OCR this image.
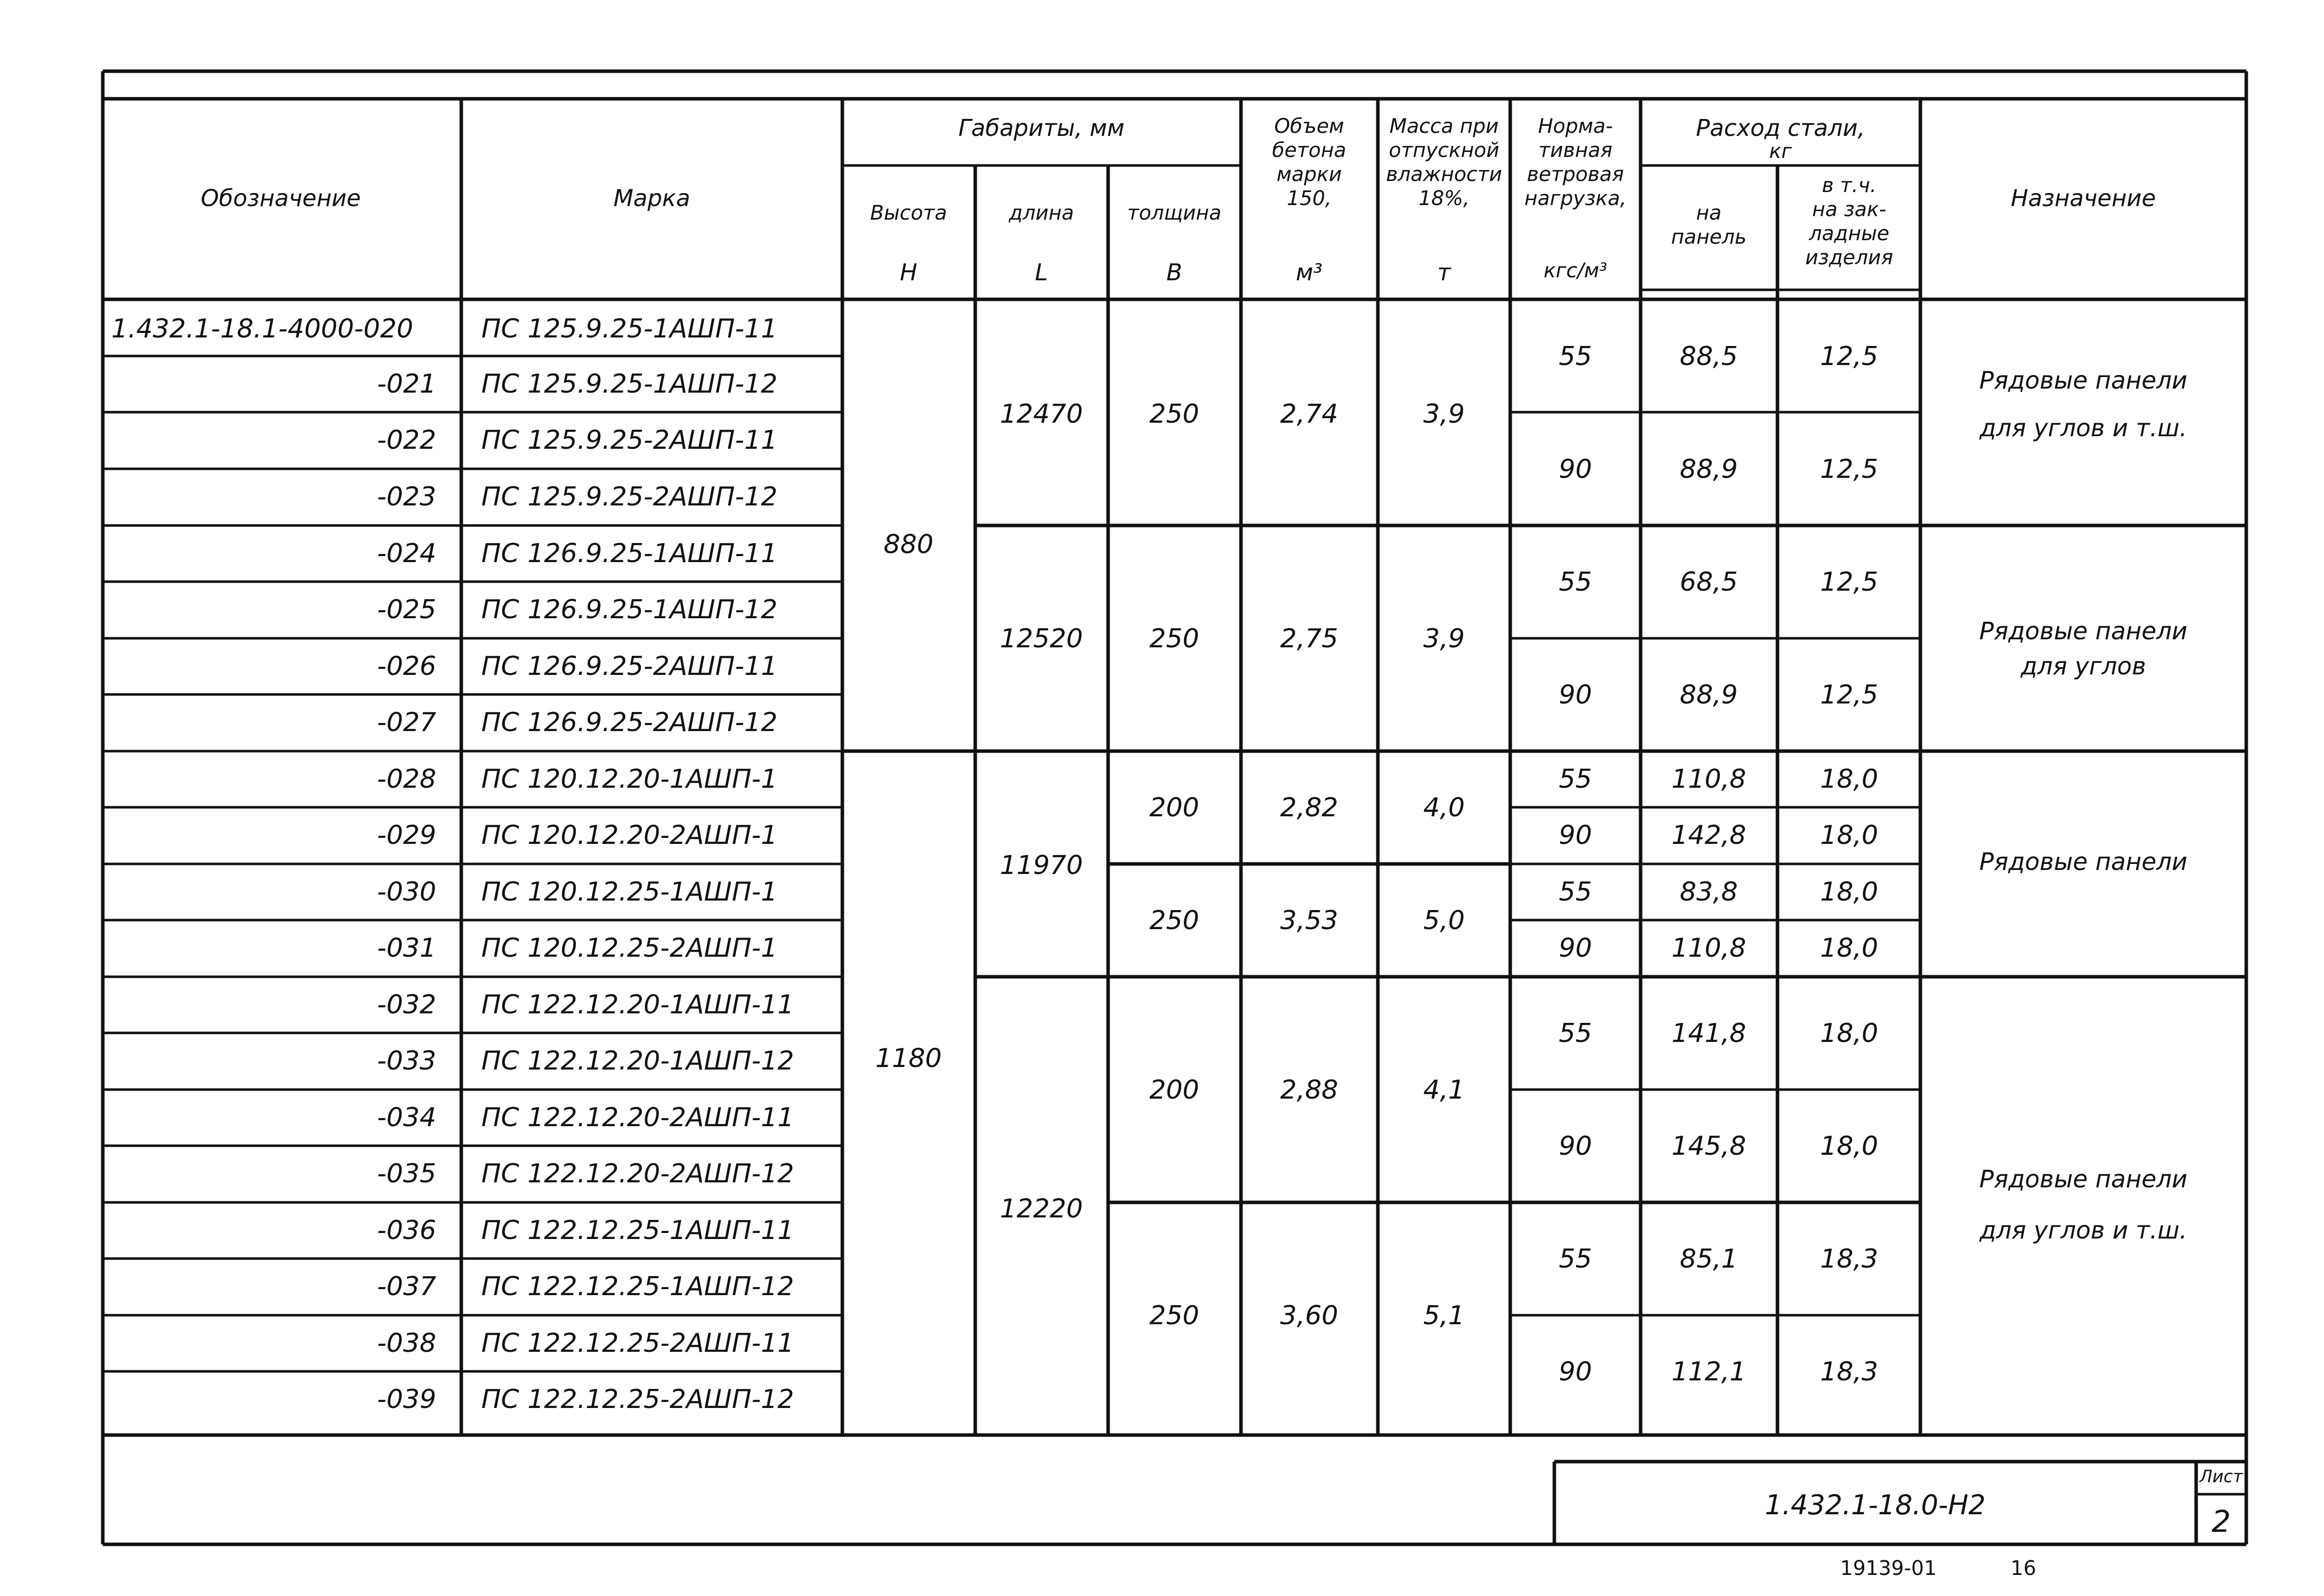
Обозначение	Марка
Габариты, мм
Высота
H
длина
L
толщина
B
Объем
бетона
марки
150,
м³
Масса при
отпускной
влажности
18%,
т
Норма-
тивная
ветровая
нагрузка,
кгс/м³
Расход стали,
кг
на
панель
в т.ч.
на зак-
ладные
изделия
Назначение
1.432.1-18.1-4000-020
-021
-022
-023
-024
-025
-026
-027
-028
-029
-030
-031
-032
-033
-034
-035
-036
-037
-038
-039
ПС 125.9.25-1АШП-11
ПС 125.9.25-1АШП-12
ПС 125.9.25-2АШП-11
ПС 125.9.25-2АШП-12
ПС 126.9.25-1АШП-11
ПС 126.9.25-1АШП-12
ПС 126.9.25-2АШП-11
ПС 126.9.25-2АШП-12
ПС 120.12.20-1АШП-1
ПС 120.12.20-2АШП-1
ПС 120.12.25-1АШП-1
ПС 120.12.25-2АШП-1
ПС 122.12.20-1АШП-11
ПС 122.12.20-1АШП-12
ПС 122.12.20-2АШП-11
ПС 122.12.20-2АШП-12
ПС 122.12.25-1АШП-11
ПС 122.12.25-1АШП-12
ПС 122.12.25-2АШП-11
ПС 122.12.25-2АШП-12
880
1180
12470
12520
11970
12220
250
250
200
250
200
250
2,74
2,75
2,82
3,53
2,88
3,60
3,9
3,9
4,0
5,0
4,1
5,1
55
90
55
90
55
90
55
90
55
90
55
90
88,5
88,9
68,5
88,9
110,8
142,8
83,8
110,8
141,8
145,8
85,1
112,1
12,5
12,5
12,5
12,5
18,0
18,0
18,0
18,0
18,0
18,0
18,3
18,3
Рядовые панели
для углов и т.ш.
Рядовые панели
для углов
Рядовые панели
Рядовые панели
для углов и т.ш.
1.432.1-18.0-Н2
Лист
2
19139-01	16
